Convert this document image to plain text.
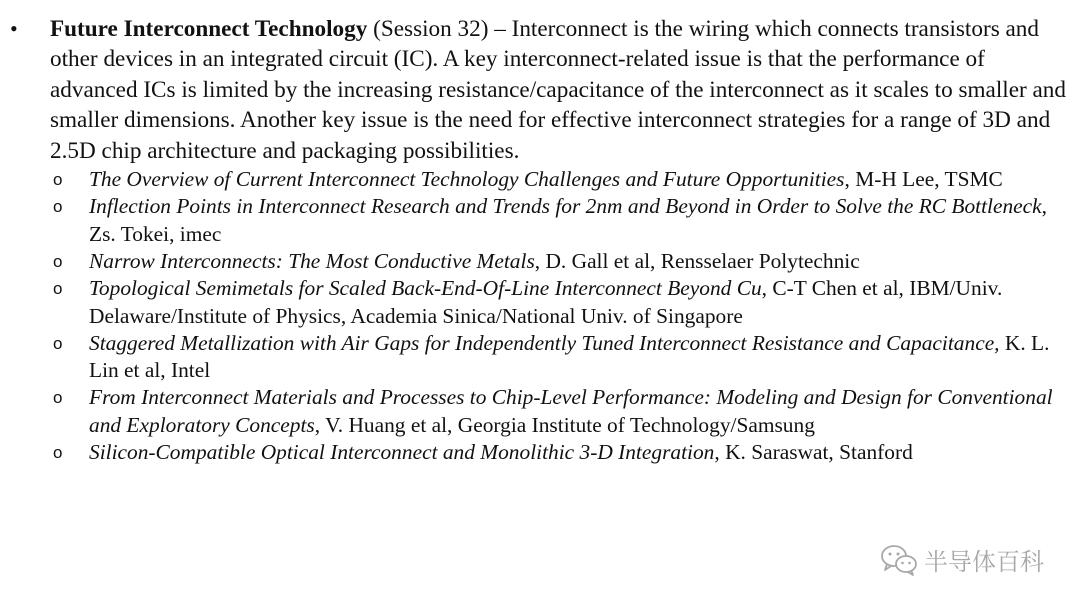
• Future Interconnect Technology (Session 32) – Interconnect is the wiring which connects transistors and other devices in an integrated circuit (IC). A key interconnect-related issue is that the performance of advanced ICs is limited by the increasing resistance/capacitance of the interconnect as it scales to smaller and smaller dimensions. Another key issue is the need for effective interconnect strategies for a range of 3D and 2.5D chip architecture and packaging possibilities.
o The Overview of Current Interconnect Technology Challenges and Future Opportunities, M-H Lee, TSMC
o Inflection Points in Interconnect Research and Trends for 2nm and Beyond in Order to Solve the RC Bottleneck, Zs. Tokei, imec
o Narrow Interconnects: The Most Conductive Metals, D. Gall et al, Rensselaer Polytechnic
o Topological Semimetals for Scaled Back-End-Of-Line Interconnect Beyond Cu, C-T Chen et al, IBM/Univ. Delaware/Institute of Physics, Academia Sinica/National Univ. of Singapore
o Staggered Metallization with Air Gaps for Independently Tuned Interconnect Resistance and Capacitance, K. L. Lin et al, Intel
o From Interconnect Materials and Processes to Chip-Level Performance: Modeling and Design for Conventional and Exploratory Concepts, V. Huang et al, Georgia Institute of Technology/Samsung
o Silicon-Compatible Optical Interconnect and Monolithic 3-D Integration, K. Saraswat, Stanford
半导体百科
